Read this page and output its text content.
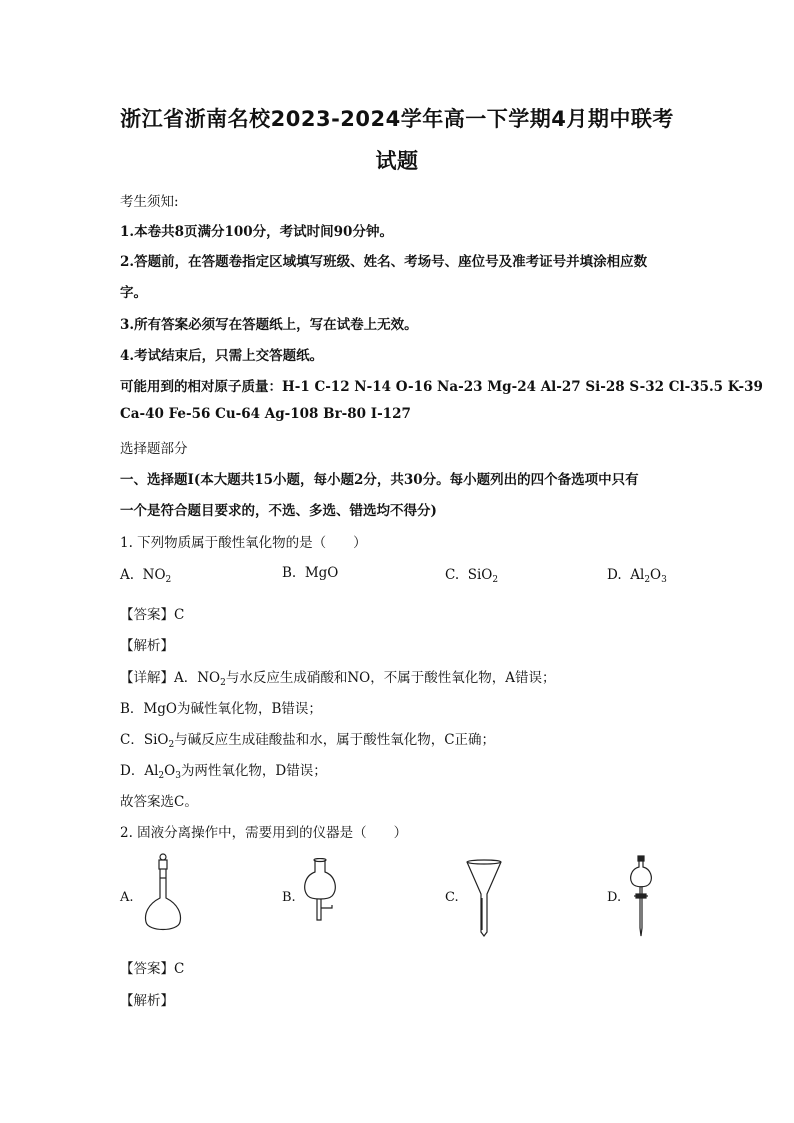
浙江省浙南名校2023-2024学年高一下学期4月期中联考
试题
考生须知:
1.本卷共8页满分100分，考试时间90分钟。
2.答题前，在答题卷指定区域填写班级、姓名、考场号、座位号及准考证号并填涂相应数
字。
3.所有答案必须写在答题纸上，写在试卷上无效。
4.考试结束后，只需上交答题纸。
可能用到的相对原子质量：H-1 C-12 N-14 O-16 Na-23 Mg-24 Al-27 Si-28 S-32 Cl-35.5 K-39
Ca-40 Fe-56 Cu-64 Ag-108 Br-80 I-127
选择题部分
一、选择题Ⅰ(本大题共15小题，每小题2分，共30分。每小题列出的四个备选项中只有
一个是符合题目要求的，不选、多选、错选均不得分)
1. 下列物质属于酸性氧化物的是（　　）
A. $NO_2$	B. MgO	C. SiO$_2$	D. $Al_2O_3$
【答案】C
【解析】
【详解】A．$NO_2$与水反应生成硝酸和NO，不属于酸性氧化物，A错误；
B．MgO为碱性氧化物，B错误；
C．SiO$_2$与碱反应生成硅酸盐和水，属于酸性氧化物，C正确；
D．$Al_2O_3$为两性氧化物，D错误；
故答案选C。
2. 固液分离操作中，需要用到的仪器是（　　）
A.	B.	C.	D.
【答案】C
【解析】
